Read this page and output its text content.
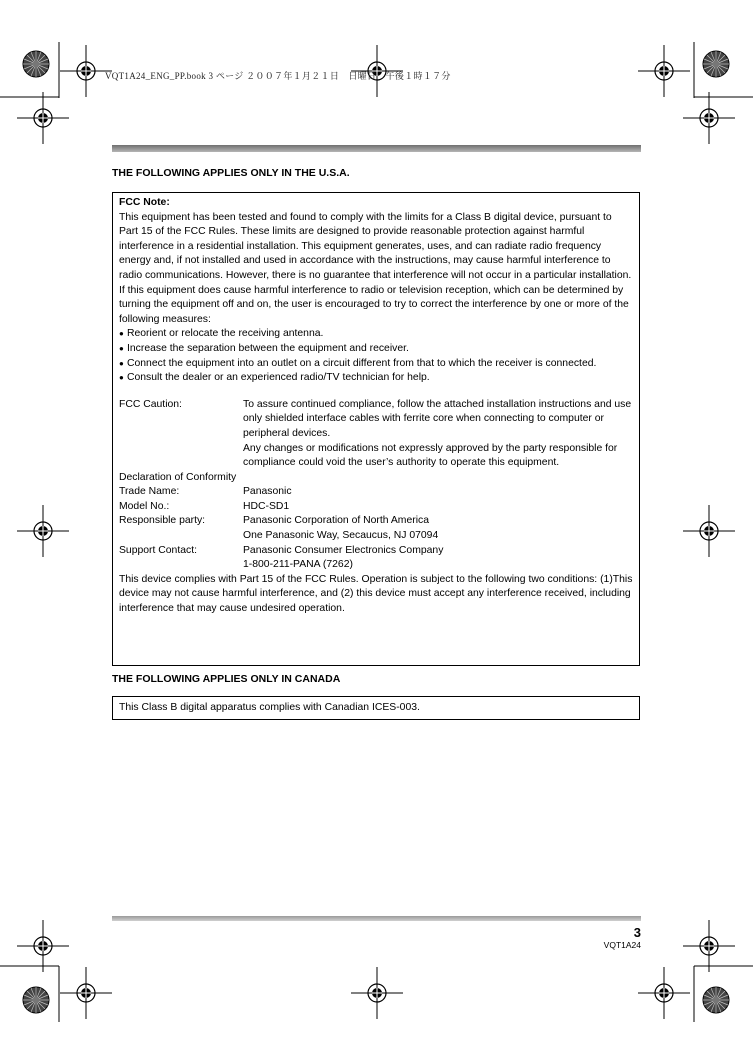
VQT1A24_ENG_PP.book 3 ページ ２００７年１月２１日　日曜日　午後１時１７分
THE FOLLOWING APPLIES ONLY IN THE U.S.A.

FCC Note:

This equipment has been tested and found to comply with the limits for a Class B digital device, pursuant to Part 15 of the FCC Rules. These limits are designed to provide reasonable protection against harmful interference in a residential installation. This equipment generates, uses, and can radiate radio frequency energy and, if not installed and used in accordance with the instructions, may cause harmful interference to radio communications. However, there is no guarantee that interference will not occur in a particular installation. If this equipment does cause harmful interference to radio or television reception, which can be determined by turning the equipment off and on, the user is encouraged to try to correct the interference by one or more of the following measures:

● Reorient or relocate the receiving antenna.
● Increase the separation between the equipment and receiver.
● Connect the equipment into an outlet on a circuit different from that to which the receiver is connected.
● Consult the dealer or an experienced radio/TV technician for help.
FCC Caution:	To assure continued compliance, follow the attached installation instructions and use only shielded interface cables with ferrite core when connecting to computer or peripheral devices.

Any changes or modifications not expressly approved by the party responsible for compliance could void the user’s authority to operate this equipment.

Declaration of Conformity

Trade Name:	Panasonic
Model No.:	HDC-SD1
Responsible party:	Panasonic Corporation of North America

One Panasonic Way, Secaucus, NJ 07094

Support Contact:	Panasonic Consumer Electronics Company

1-800-211-PANA (7262)

This device complies with Part 15 of the FCC Rules. Operation is subject to the following two conditions: (1)This device may not cause harmful interference, and (2) this device must accept any interference received, including interference that may cause undesired operation.

THE FOLLOWING APPLIES ONLY IN CANADA

This Class B digital apparatus complies with Canadian ICES-003.

3
VQT1A24
